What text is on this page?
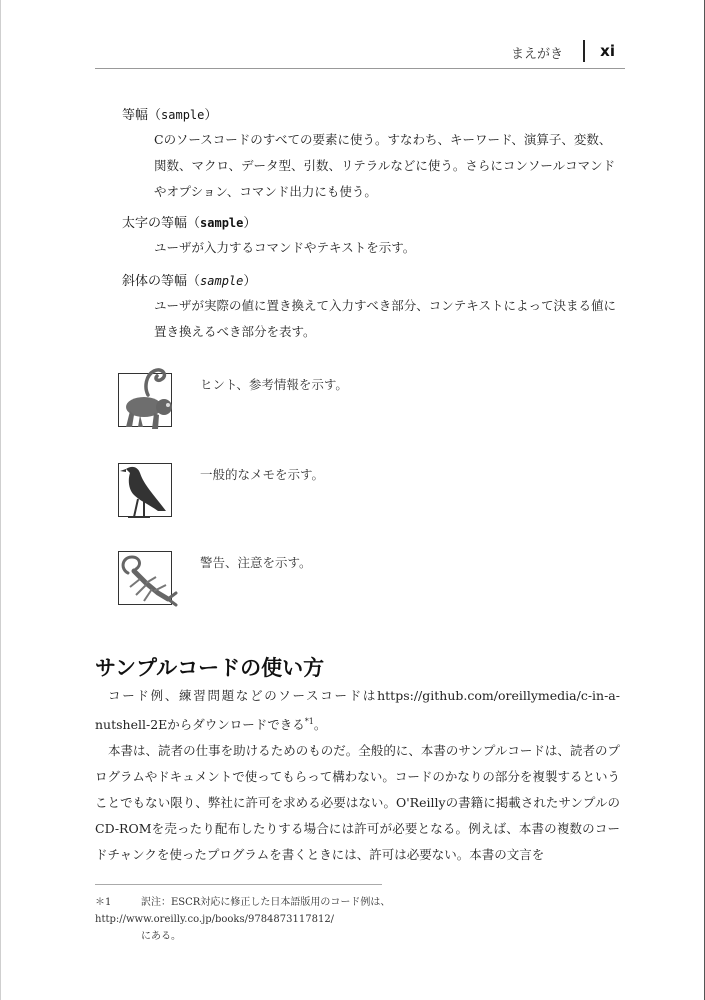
まえがき xi
等幅（sample）
Cのソースコードのすべての要素に使う。すなわち、キーワード、演算子、変数、関数、マクロ、データ型、引数、リテラルなどに使う。さらにコンソールコマンドやオプション、コマンド出力にも使う。
太字の等幅（sample）
ユーザが入力するコマンドやテキストを示す。
斜体の等幅（sample）
ユーザが実際の値に置き換えて入力すべき部分、コンテキストによって決まる値に置き換えるべき部分を表す。
ヒント、参考情報を示す。
一般的なメモを示す。
警告、注意を示す。
サンプルコードの使い方

コード例、練習問題などのソースコードはhttps://github.com/oreillymedia/c-in-a-nutshell-2Eからダウンロードできる$^{*1}$。

本書は、読者の仕事を助けるためのものだ。全般的に、本書のサンプルコードは、読者のプログラムやドキュメントで使ってもらって構わない。コードのかなりの部分を複製するということでもない限り、弊社に許可を求める必要はない。O'Reillyの書籍に掲載されたサンプルのCD-ROMを売ったり配布したりする場合には許可が必要となる。例えば、本書の複数のコードチャンクを使ったプログラムを書くときには、許可は必要ない。本書の文言を

＊1	訳注：ESCR対応に修正した日本語版用のコード例は、http://www.oreilly.co.jp/books/9784873117812/
にある。
